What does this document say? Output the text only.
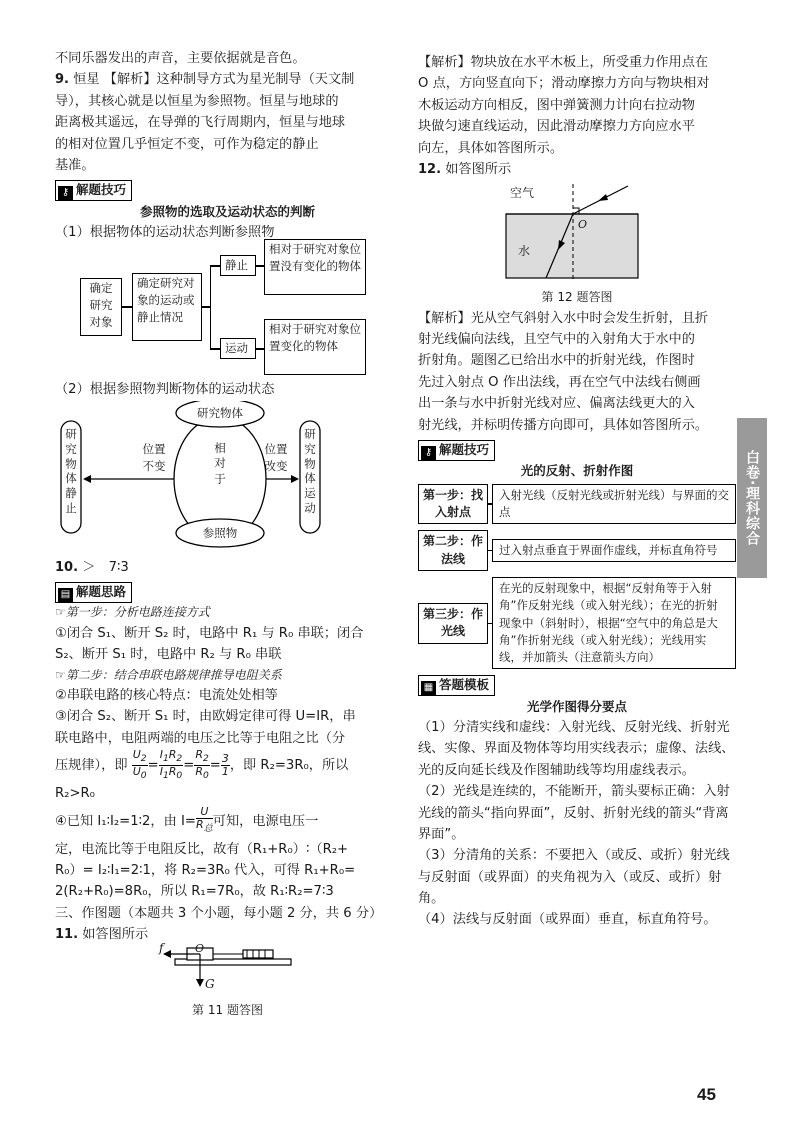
不同乐器发出的声音，主要依据就是音色。

9. 恒星 【解析】这种制导方式为星光制导（天文制

导），其核心就是以恒星为参照物。恒星与地球的

距离极其遥远，在导弹的飞行周期内，恒星与地球

的相对位置几乎恒定不变，可作为稳定的静止

基准。

⚷ 解题技巧

参照物的选取及运动状态的判断

（1）根据物体的运动状态判断参照物

确定研究对象
确定研究对象的运动或静止情况
静止
运动
相对于研究对象位置没有变化的物体
相对于研究对象位置变化的物体

（2）根据参照物判断物体的运动状态

研究物体
参照物
相对于
位置不变
位置改变
研究物体静止
研究物体运动

10. ＞　7∶3

▤ 解题思路

☞第一步：分析电路连接方式

①闭合 S₁、断开 S₂ 时，电路中 R₁ 与 R₀ 串联；闭合

S₂、断开 S₁ 时，电路中 R₂ 与 R₀ 串联

☞第二步：结合串联电路规律推导电阻关系

②串联电路的核心特点：电流处处相等

③闭合 S₂、断开 S₁ 时，由欧姆定律可得 U=IR，串

联电路中，电阻两端的电压之比等于电阻之比（分

压规律），即 $\frac{U_2}{U_0} = \frac{I_1R_2}{I_1R_0} = \frac{R_2}{R_0} = \frac{3}{1}$ ，即 R₂=3R₀，所以

R₂>R₀

④已知 I₁∶I₂=1∶2，由 $I= \frac{U}{R_总}$ 可知，电源电压一

定，电流比等于电阻反比，故有（R₁+R₀）∶（R₂+

R₀）= I₂∶I₁=2∶1，将 R₂=3R₀ 代入，可得 R₁+R₀=

2(R₂+R₀)=8R₀，所以 R₁=7R₀，故 R₁∶R₂=7∶3

三、作图题（本题共 3 个小题，每小题 2 分，共 6 分）

11. 如答图所示

f	O
G

第 11 题答图

【解析】物块放在水平木板上，所受重力作用点在

O 点，方向竖直向下；滑动摩擦力方向与物块相对

木板运动方向相反，图中弹簧测力计向右拉动物

块做匀速直线运动，因此滑动摩擦力方向应水平

向左，具体如答图所示。

12. 如答图所示

空气
水
O

第 12 题答图

【解析】光从空气斜射入水中时会发生折射，且折

射光线偏向法线，且空气中的入射角大于水中的

折射角。题图乙已给出水中的折射光线，作图时

先过入射点 O 作出法线，再在空气中法线右侧画

出一条与水中折射光线对应、偏离法线更大的入

射光线，并标明传播方向即可，具体如答图所示。

⚷ 解题技巧

光的反射、折射作图

第一步：找入射点
入射光线（反射光线或折射光线）与界面的交点
第二步：作法线
过入射点垂直于界面作虚线，并标直角符号
第三步：作光线
在光的反射现象中，根据“反射角等于入射角”作反射光线（或入射光线）；在光的折射现象中（斜射时），根据“空气中的角总是大角”作折射光线（或入射光线）；光线用实线，并加箭头（注意箭头方向）
▦ 答题模板

光学作图得分要点

（1）分清实线和虚线：入射光线、反射光线、折射光线、实像、界面及物体等均用实线表示；虚像、法线、光的反向延长线及作图辅助线等均用虚线表示。

（2）光线是连续的，不能断开，箭头要标正确：入射光线的箭头“指向界面”，反射、折射光线的箭头“背离界面”。

（3）分清角的关系：不要把入（或反、或折）射光线与反射面（或界面）的夹角视为入（或反、或折）射角。

（4）法线与反射面（或界面）垂直，标直角符号。

白卷·理科综合
45
